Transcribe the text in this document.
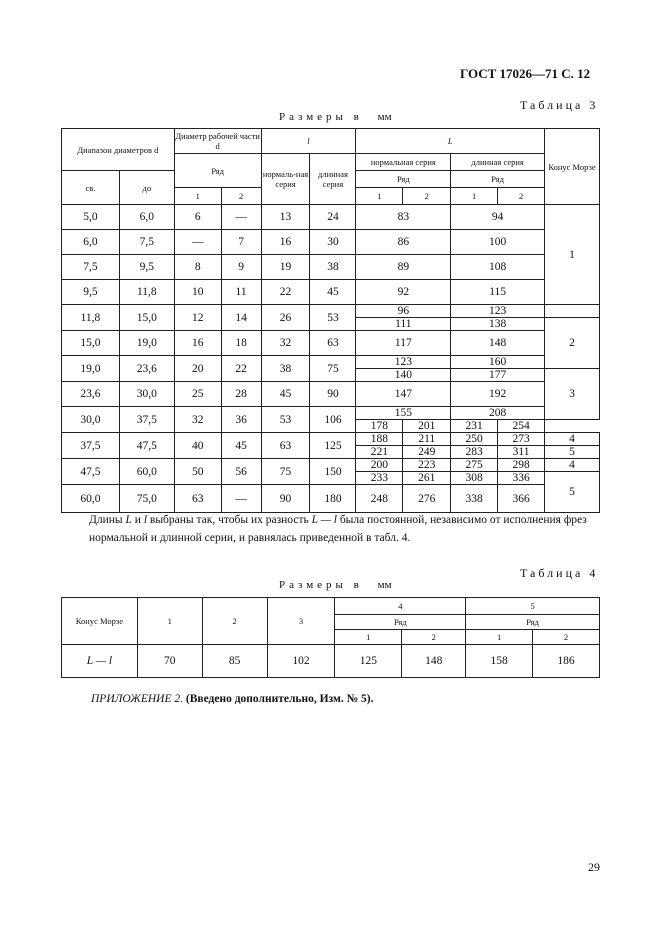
ГОСТ 17026—71 С. 12
Таблица 3
Размеры в мм
Диапазон диаметров d		Диаметр рабочей части d		l		L				Конус Морзе
		Ряд		нормаль-ная серия	длинная серия	нормальная серия		длинная серия		
св.	до					Ряд		Ряд		
		1	2			1	2	1	2	
5,0	6,0	6	—	13	24	83		94		1
6,0	7,5	—	7	16	30	86		100		
7,5	9,5	8	9	19	38	89		108		
9,5	11,8	10	11	22	45	92		115		
11,8	15,0	12	14	26	53	96		123		
						111		138		2
15,0	19,0	16	18	32	63	117		148		
19,0	23,6	20	22	38	75	123		160		
						140		177		3
23,6	30,0	25	28	45	90	147		192		
30,0	37,5	32	36	53	106	155		208		
						178	201	231	254	
37,5	47,5	40	45	63	125	188	211	250	273	4
						221	249	283	311	5
47,5	60,0	50	56	75	150	200	223	275	298	4
						233	261	308	336	5
60,0	75,0	63	—	90	180	248	276	338	366	

Длины L и l выбраны так, чтобы их разность L — l была постоянной, независимо от исполнения фрез нормальной и длинной серии, и равнялась приведенной в табл. 4.

Таблица 4
Размеры в мм
Конус Морзе	1	2	3	4		5	
				Ряд		Ряд	
				1	2	1	2
L — l	70	85	102	125	148	158	186
ПРИЛОЖЕНИЕ 2. (Введено дополнительно, Изм. № 5).
29
